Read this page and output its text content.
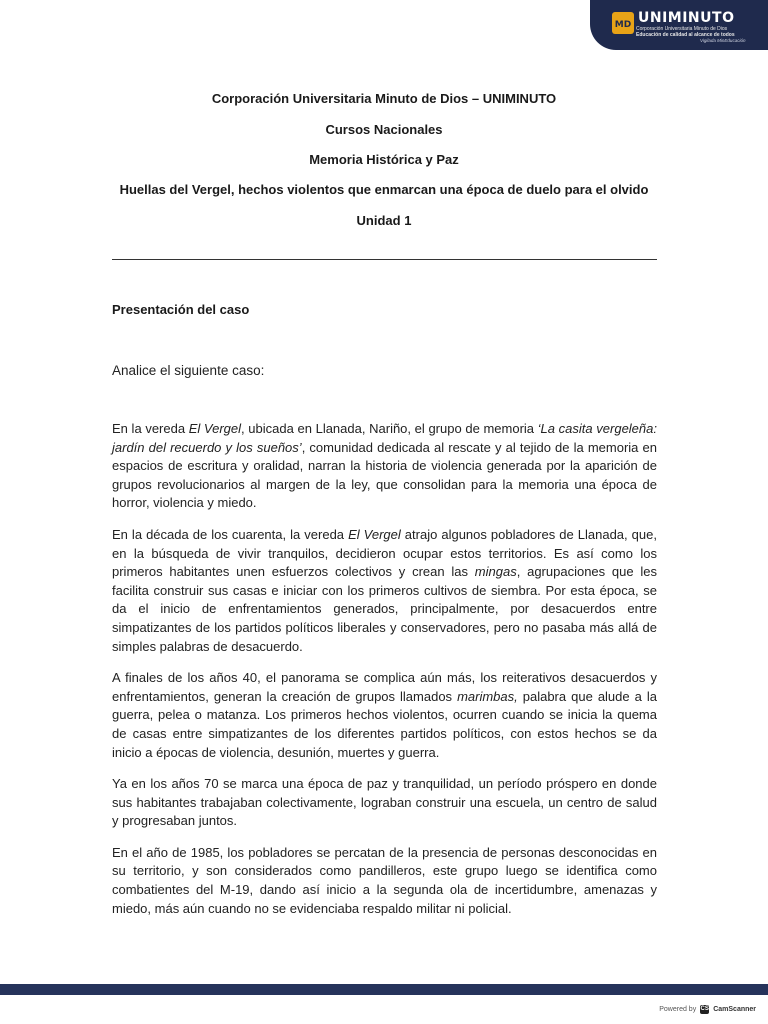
MD UNIMINUTO
Corporación Universitaria Minuto de Dios
Educación de calidad al alcance de todos
Vigilada MinEducación
Corporación Universitaria Minuto de Dios – UNIMINUTO
Cursos Nacionales
Memoria Histórica y Paz
Huellas del Vergel, hechos violentos que enmarcan una época de duelo para el olvido
Unidad 1
Presentación del caso
Analice el siguiente caso:

En la vereda El Vergel, ubicada en Llanada, Nariño, el grupo de memoria ‘La casita vergeleña: jardín del recuerdo y los sueños’, comunidad dedicada al rescate y al tejido de la memoria en espacios de escritura y oralidad, narran la historia de violencia generada por la aparición de grupos revolucionarios al margen de la ley, que consolidan para la memoria una época de horror, violencia y miedo.

En la década de los cuarenta, la vereda El Vergel atrajo algunos pobladores de Llanada, que, en la búsqueda de vivir tranquilos, decidieron ocupar estos territorios. Es así como los primeros habitantes unen esfuerzos colectivos y crean las mingas, agrupaciones que les facilita construir sus casas e iniciar con los primeros cultivos de siembra. Por esta época, se da el inicio de enfrentamientos generados, principalmente, por desacuerdos entre simpatizantes de los partidos políticos liberales y conservadores, pero no pasaba más allá de simples palabras de desacuerdo.

A finales de los años 40, el panorama se complica aún más, los reiterativos desacuerdos y enfrentamientos, generan la creación de grupos llamados marimbas, palabra que alude a la guerra, pelea o matanza. Los primeros hechos violentos, ocurren cuando se inicia la quema de casas entre simpatizantes de los diferentes partidos políticos, con estos hechos se da inicio a épocas de violencia, desunión, muertes y guerra.

Ya en los años 70 se marca una época de paz y tranquilidad, un período próspero en donde sus habitantes trabajaban colectivamente, lograban construir una escuela, un centro de salud y progresaban juntos.

En el año de 1985, los pobladores se percatan de la presencia de personas desconocidas en su territorio, y son considerados como pandilleros, este grupo luego se identifica como combatientes del M-19, dando así inicio a la segunda ola de incertidumbre, amenazas y miedo, más aún cuando no se evidenciaba respaldo militar ni policial.

Powered by CS CamScanner
